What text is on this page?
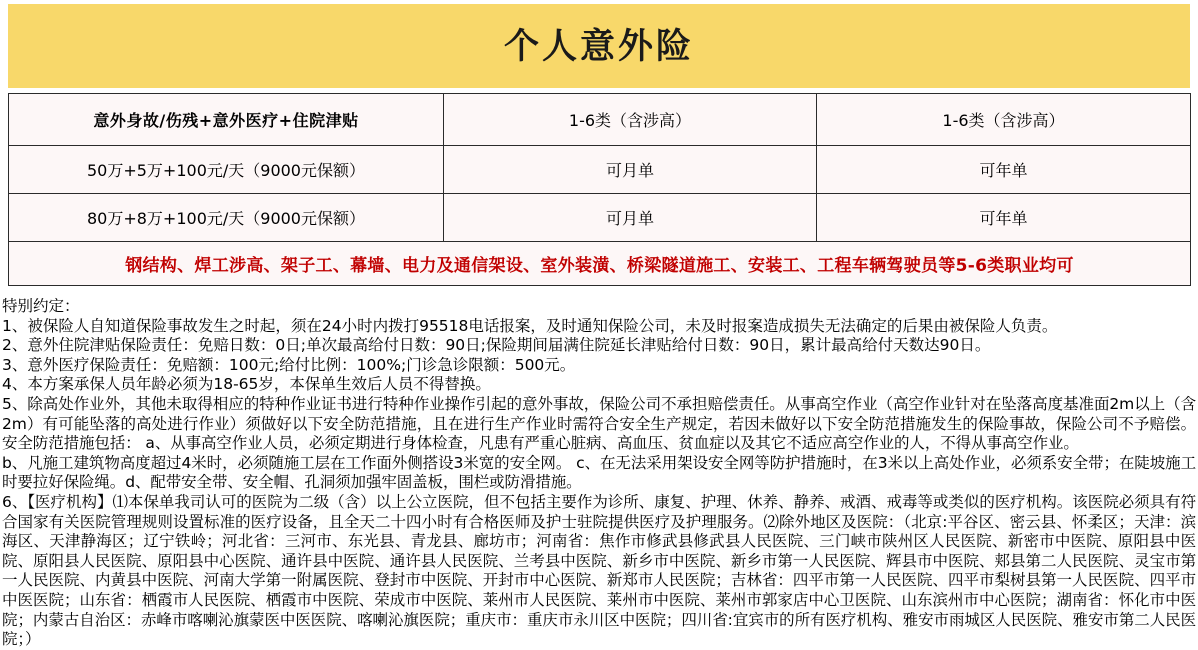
个人意外险
意外身故/伤残+意外医疗+住院津贴	1-6类（含涉高）	1-6类（含涉高）
50万+5万+100元/天（9000元保额）	可月单	可年单
80万+8万+100元/天（9000元保额）	可月单	可年单
钢结构、焊工涉高、架子工、幕墙、电力及通信架设、室外装潢、桥梁隧道施工、安装工、工程车辆驾驶员等5-6类职业均可		

特别约定：

1、被保险人自知道保险事故发生之时起，须在24小时内拨打95518电话报案，及时通知保险公司，未及时报案造成损失无法确定的后果由被保险人负责。

2、意外住院津贴保险责任：免赔日数：0日;单次最高给付日数：90日;保险期间届满住院延长津贴给付日数：90日，累计最高给付天数达90日。

3、意外医疗保险责任：免赔额：100元;给付比例：100%;门诊急诊限额：500元。

4、本方案承保人员年龄必须为18-65岁，本保单生效后人员不得替换。

5、除高处作业外，其他未取得相应的特种作业证书进行特种作业操作引起的意外事故，保险公司不承担赔偿责任。从事高空作业（高空作业针对在坠落高度基准面2m以上（含2m）有可能坠落的高处进行作业）须做好以下安全防范措施，且在进行生产作业时需符合安全生产规定，若因未做好以下安全防范措施发生的保险事故，保险公司不予赔偿。安全防范措施包括： a、从事高空作业人员，必须定期进行身体检查，凡患有严重心脏病、高血压、贫血症以及其它不适应高空作业的人，不得从事高空作业。

b、凡施工建筑物高度超过4米时，必须随施工层在工作面外侧搭设3米宽的安全网。 c、在无法采用架设安全网等防护措施时，在3米以上高处作业，必须系安全带；在陡坡施工时要拉好保险绳。d、配带安全带、安全帽、孔洞须加强牢固盖板，围栏或防滑措施。

6、【医疗机构】⑴本保单我司认可的医院为二级（含）以上公立医院，但不包括主要作为诊所、康复、护理、休养、静养、戒酒、戒毒等或类似的医疗机构。该医院必须具有符合国家有关医院管理规则设置标准的医疗设备，且全天二十四小时有合格医师及护士驻院提供医疗及护理服务。⑵除外地区及医院：（北京:平谷区、密云县、怀柔区；天津：滨海区、天津静海区；辽宁铁岭；河北省：三河市、东光县、青龙县、廊坊市；河南省：焦作市修武县修武县人民医院、三门峡市陕州区人民医院、新密市中医院、原阳县中医院、原阳县人民医院、原阳县中心医院、通许县中医院、通许县人民医院、兰考县中医院、新乡市中医院、新乡市第一人民医院、辉县市中医院、郏县第二人民医院、灵宝市第一人民医院、内黄县中医院、河南大学第一附属医院、登封市中医院、开封市中心医院、新郑市人民医院；吉林省：四平市第一人民医院、四平市梨树县第一人民医院、四平市中医医院；山东省：栖霞市人民医院、栖霞市中医院、荣成市中医院、莱州市人民医院、莱州市中医院、莱州市郭家店中心卫医院、山东滨州市中心医院；湖南省：怀化市中医院；内蒙古自治区：赤峰市喀喇沁旗蒙医中医医院、喀喇沁旗医院；重庆市：重庆市永川区中医院；四川省:宜宾市的所有医疗机构、雅安市雨城区人民医院、雅安市第二人民医院；）
